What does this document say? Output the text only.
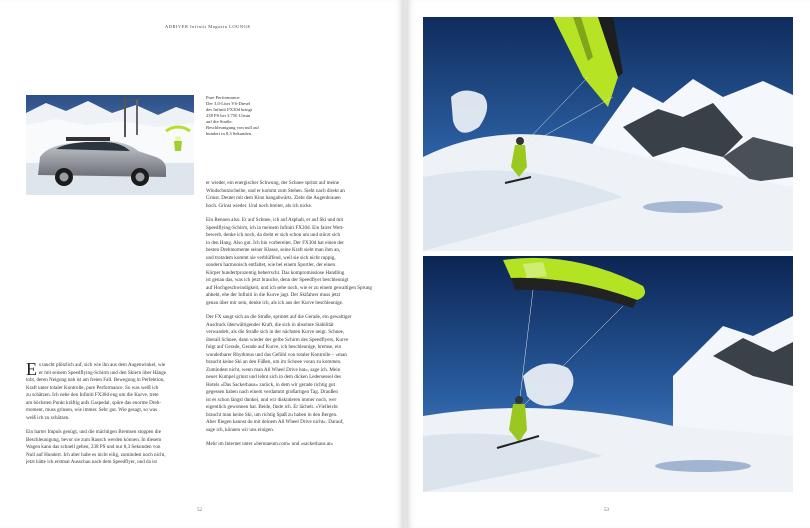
ADRIVER Infiniti Magazin LOUNGE
Pure Performance:
Der 3,0-Liter V6-Diesel
des Infiniti FX30d bringt
238 PS bei 3.750 U/min
auf die Straße.
Beschleunigung von null auf
hundert in 8,3 Sekunden.

E s taucht plötzlich auf, sich wie ihn aus dem Augenwinkel, wie
er mit seinem Speedflying-Schirm und den Skiern über Hänge
tobt, deren Neigung nah ist am freien Fall. Bewegung in Perfektion,
Kraft unter totaler Kontrolle, pure Performance. So was weiß ich
zu schätzen. Ich nehe den Infiniti FX30d eng um die Kurve, trete
am höchsten Punkt kräftig aufs Gaspedal, spüre das enorme Dreh-
moment, muss grinsen, wie immer. Sehr gut. Wie gesagt, so was
weiß ich zu schätzen.

Ein harter Impuls genügt, und die mächtigen Bremsen stoppen die
Beschleunigung, bevor sie zum Rausch werden können. In diesem
Wagen kann das schnell gehen, 238 PS und nur 8,3 Sekunden von
Null auf Hundert. Ich aber habe es nicht eilig, zumindest noch nicht,
jetzt hätte ich erstmal Ausschau nach dem Speedflyer, und da ist

er wieder, ein energischer Schwung, der Schnee spritzt auf meine
Windschutzscheibe, und er kommt zum Stehen. Sieht nach direkt an
Grinst. Deutet mit dem Kinn hangabwärts. Zieht die Augenbrauen
hoch. Grinst wieder. Und noch breiter, als ich nicke.

Ein Rennen also. Er auf Schnee, ich auf Asphalt, er auf Ski und mit
Speedflying-Schirm, ich in meinem Infiniti FX30d. Ein fairer Wett-
bewerb, denke ich noch, da dreht er sich schon um und stürzt sich
in den Hang. Also gut. Ich bin vorbereitet. Der FX30d hat einen der
besten Drehmomente seiner Klasse, seine Kraft sieht man ihm an,
und trotzdem kommt sie verblüffend, weil sie sich nicht ruppig,
sondern harmonisch entfaltet, wie bei einem Sportler, der einen
Körper hundertprozentig beherrscht. Das kompromisslose Handling
ist genau das, was ich jetzt brauche, denn der Speedflyer beschleunigt
auf Hochgeschwindigkeit, und ich sehe noch, wie er zu einem gewaltigen Sprung
abhebt, ehe der Infiniti in die Kurve jagt. Der Skifahrer muss jetzt
genau über mir sein, denke ich, als ich aus der Kurve beschleunige.

Der FX saugt sich an die Straße, sprintet auf die Gerade, ein gewaltiger
Ausdruck überwältigender Kraft, die sich in absolute Stabilität
verwandelt, als die Straße sich in der nächsten Kurve neigt. Schnee,
überall Schnee, dann wieder der gelbe Schirm des Speedflyers, Kurve
folgt auf Gerade, Gerade auf Kurve, ich beschleunige, bremse, ein
wunderbarer Rhythmus und das Gefühl von totaler Kontrolle – «man
braucht keine Ski an den Füßen, um im Schnee voran zu kommen.
Zumindest nicht, wenn man All Wheel Drive hat», sage ich. Mein
neuer Kumpel grinst und lehnt sich in dem dicken Ledersessel des
Hotels «Das Sackerhaus» zurück, in dem wir gerade richtig gut
gegessen haben nach einem verdammt großartigen Tag. Draußen
ist es schon längst dunkel, und wir diskutieren immer noch, wer
eigentlich gewonnen hat. Beide, finde ich. Er lächelt. «Vielleicht
braucht man keine Ski, um richtig Spaß zu haben in den Bergen.
Aber fliegen kannst du mit deinem All Wheel Drive nicht». Darauf,
sage ich, können wir uns einigen.

Mehr im Internet unter «berntaeum.com» und «sackerhaus.at»

52	53
